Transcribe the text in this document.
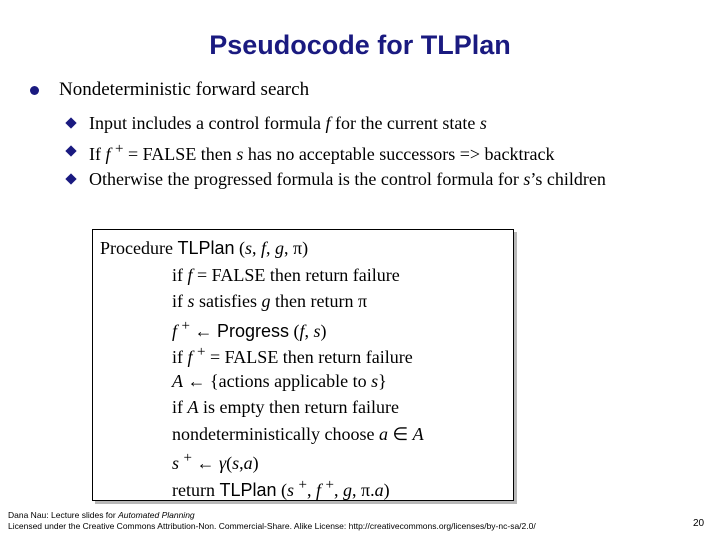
Pseudocode for TLPlan
Nondeterministic forward search
Input includes a control formula f for the current state s
If f + = FALSE then s has no acceptable successors => backtrack
Otherwise the progressed formula is the control formula for s’s children
Procedure TLPlan (s, f, g, π)
if f = FALSE then return failure
if s satisfies g then return π
f + ← Progress (f, s)
if f + = FALSE then return failure
A ← {actions applicable to s}
if A is empty then return failure
nondeterministically choose a ∈ A
s + ← γ(s,a)
return TLPlan (s +, f +, g, π.a)
Dana Nau: Lecture slides for Automated Planning
Licensed under the Creative Commons Attribution-Non. Commercial-Share. Alike License: http://creativecommons.org/licenses/by-nc-sa/2.0/	20
